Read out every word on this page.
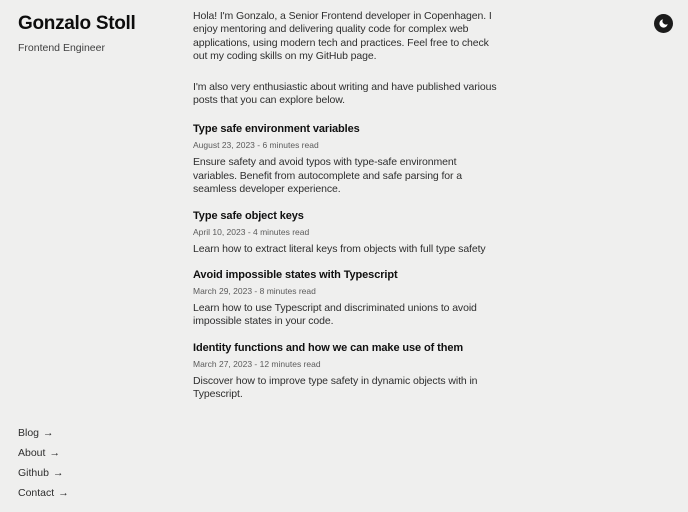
Gonzalo Stoll

Frontend Engineer

Hola! I'm Gonzalo, a Senior Frontend developer in Copenhagen. I enjoy mentoring and delivering quality code for complex web applications, using modern tech and practices. Feel free to check out my coding skills on my GitHub page.

I'm also very enthusiastic about writing and have published various posts that you can explore below.

Type safe environment variables

August 23, 2023 - 6 minutes read

Ensure safety and avoid typos with type-safe environment variables. Benefit from autocomplete and safe parsing for a seamless developer experience.

Type safe object keys

April 10, 2023 - 4 minutes read

Learn how to extract literal keys from objects with full type safety

Avoid impossible states with Typescript

March 29, 2023 - 8 minutes read

Learn how to use Typescript and discriminated unions to avoid impossible states in your code.

Identity functions and how we can make use of them

March 27, 2023 - 12 minutes read

Discover how to improve type safety in dynamic objects with in Typescript.

Blog →
About →
Github →
Contact →
